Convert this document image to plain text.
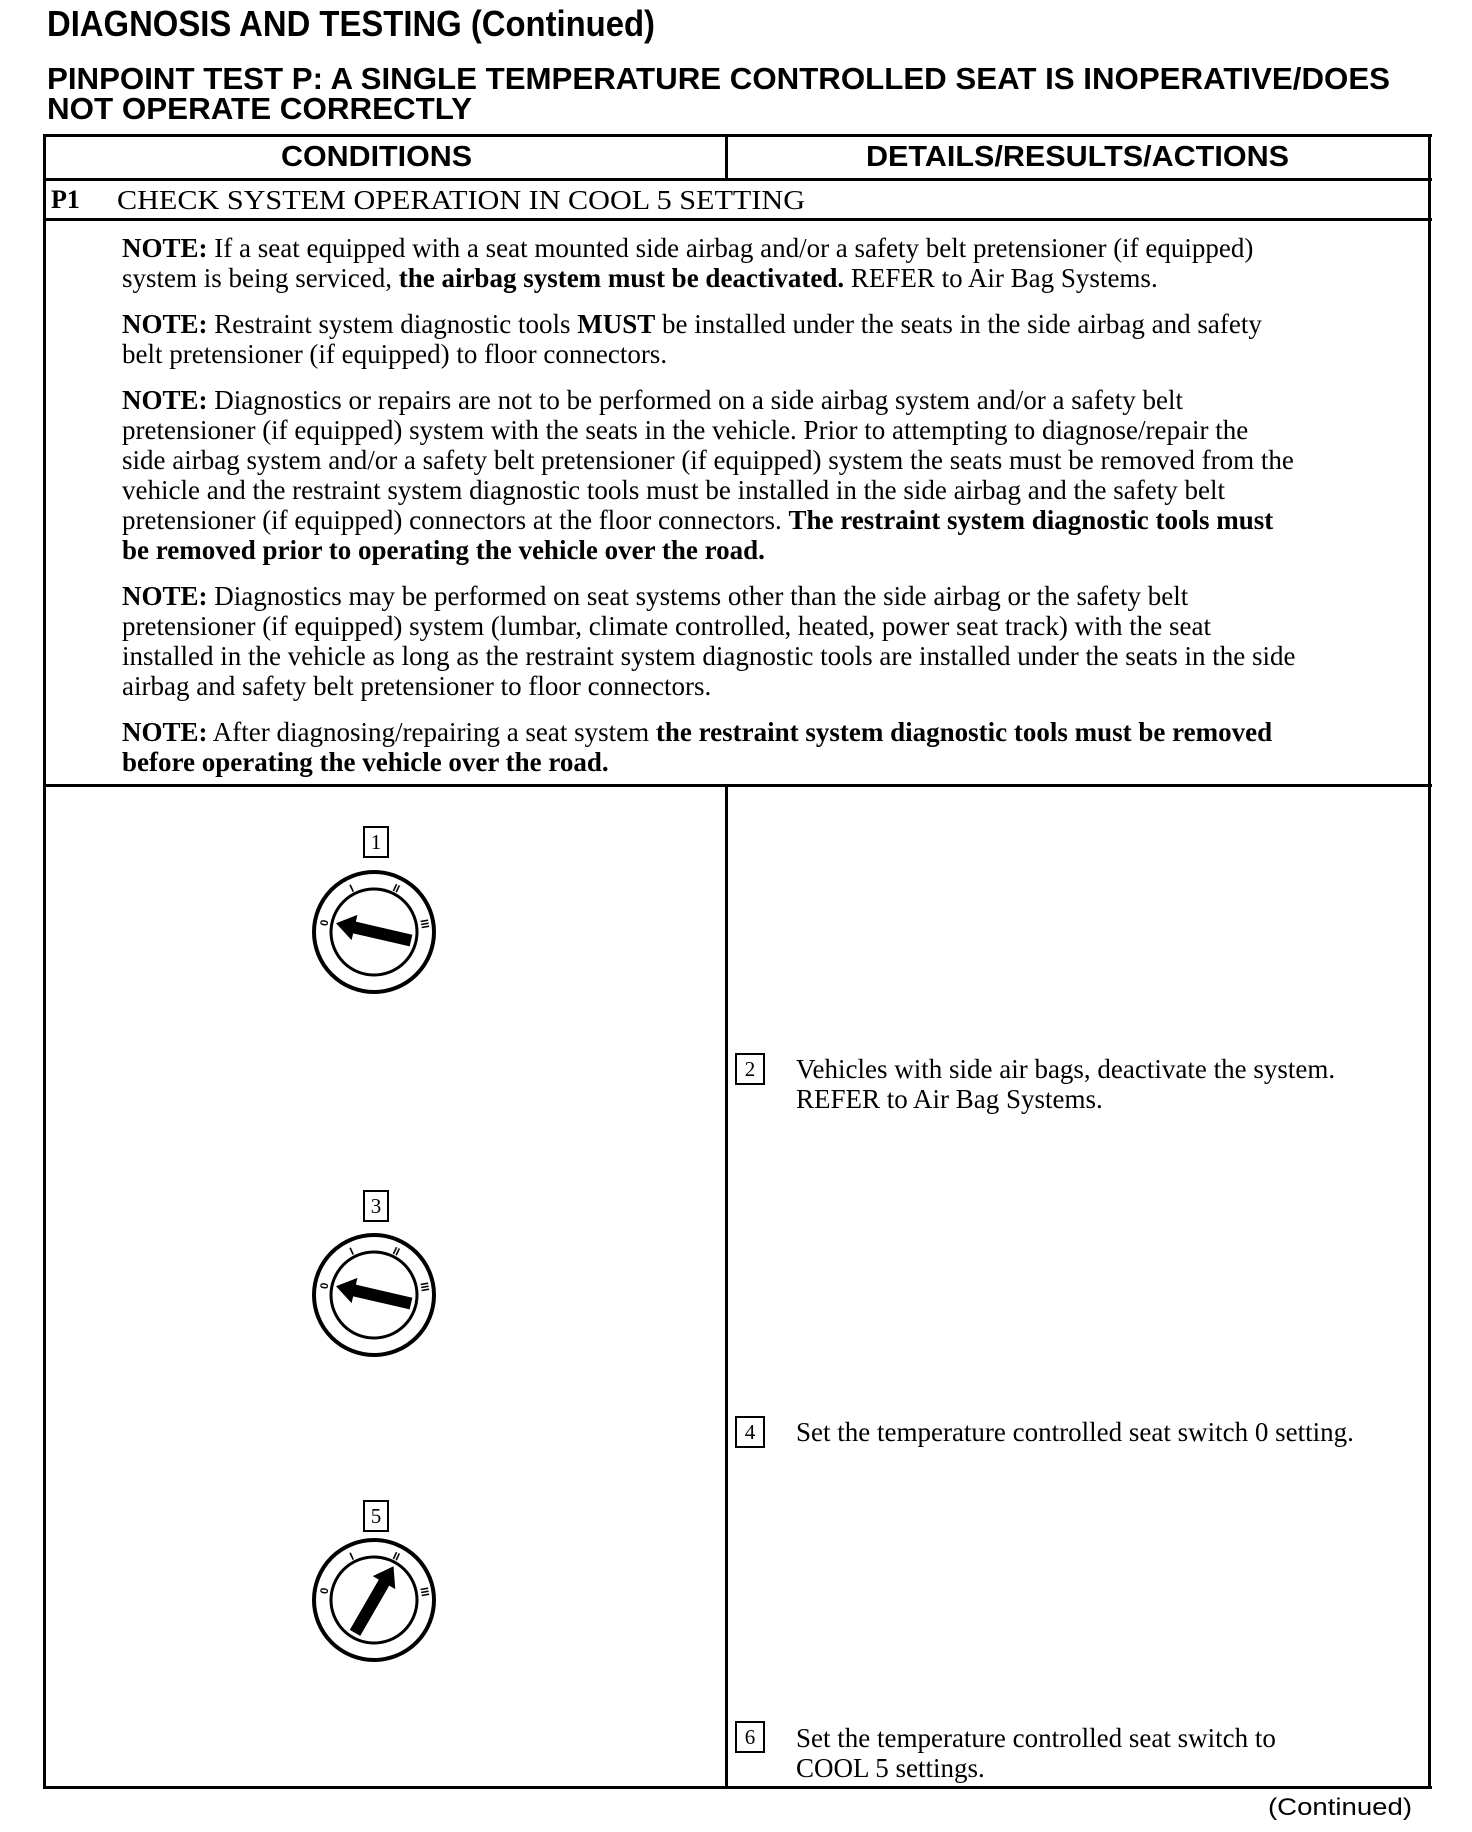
DIAGNOSIS AND TESTING (Continued)
PINPOINT TEST P: A SINGLE TEMPERATURE CONTROLLED SEAT IS INOPERATIVE/DOES
NOT OPERATE CORRECTLY
CONDITIONS	DETAILS/RESULTS/ACTIONS
P1 CHECK SYSTEM OPERATION IN COOL 5 SETTING
NOTE: If a seat equipped with a seat mounted side airbag and/or a safety belt pretensioner (if equipped)
system is being serviced, the airbag system must be deactivated. REFER to Air Bag Systems.
NOTE: Restraint system diagnostic tools MUST be installed under the seats in the side airbag and safety
belt pretensioner (if equipped) to floor connectors.
NOTE: Diagnostics or repairs are not to be performed on a side airbag system and/or a safety belt
pretensioner (if equipped) system with the seats in the vehicle. Prior to attempting to diagnose/repair the
side airbag system and/or a safety belt pretensioner (if equipped) system the seats must be removed from the
vehicle and the restraint system diagnostic tools must be installed in the side airbag and the safety belt
pretensioner (if equipped) connectors at the floor connectors. The restraint system diagnostic tools must
be removed prior to operating the vehicle over the road.
NOTE: Diagnostics may be performed on seat systems other than the side airbag or the safety belt
pretensioner (if equipped) system (lumbar, climate controlled, heated, power seat track) with the seat
installed in the vehicle as long as the restraint system diagnostic tools are installed under the seats in the side
airbag and safety belt pretensioner to floor connectors.
NOTE: After diagnosing/repairing a seat system the restraint system diagnostic tools must be removed
before operating the vehicle over the road.
1
0
I	II
III
3
0
I	II
III
5
0
I	II
III
2	Vehicles with side air bags, deactivate the system.
REFER to Air Bag Systems.
4	Set the temperature controlled seat switch 0 setting.
6	Set the temperature controlled seat switch to
COOL 5 settings.
(Continued)
